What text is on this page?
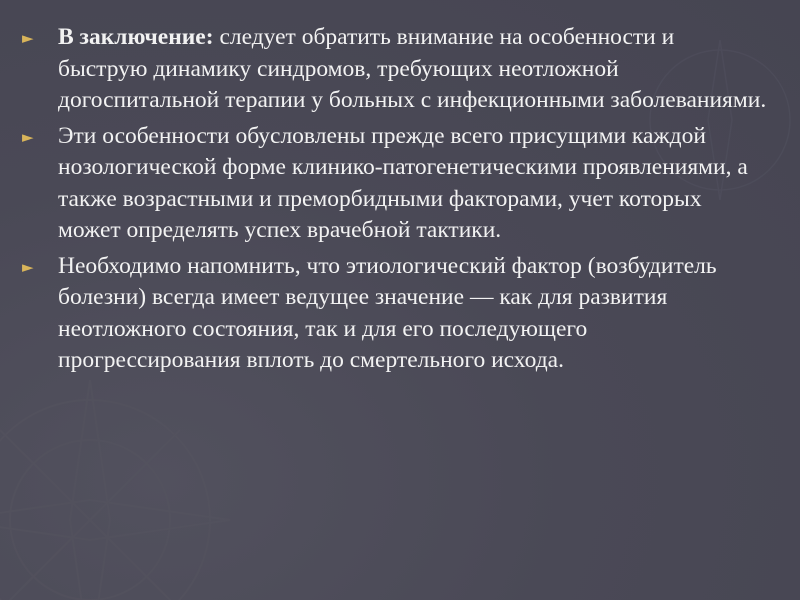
►	В заключение: следует обратить внимание на особенности и быструю динамику синдромов, требующих неотложной догоспитальной терапии у больных с инфекционными заболеваниями.
►	Эти особенности обусловлены прежде всего присущими каждой нозологической форме клинико-патогенетическими проявлениями, а также возрастными и преморбидными факторами, учет которых может определять успех врачебной тактики.
►	Необходимо напомнить, что этиологический фактор (возбудитель болезни) всегда имеет ведущее значение — как для развития неотложного состояния, так и для его последующего прогрессирования вплоть до смертельного исхода.
